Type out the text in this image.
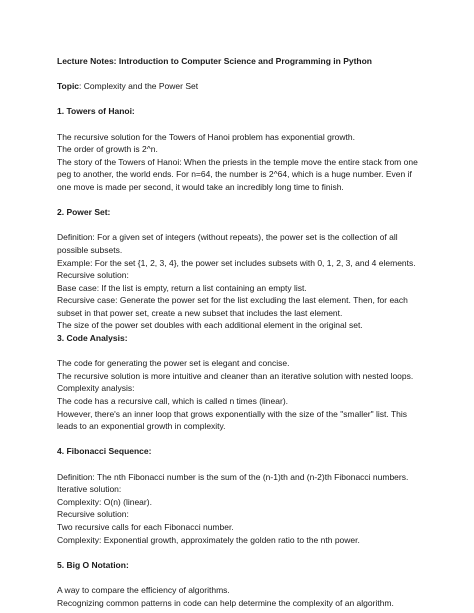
Lecture Notes: Introduction to Computer Science and Programming in Python
Topic: Complexity and the Power Set
1. Towers of Hanoi:
The recursive solution for the Towers of Hanoi problem has exponential growth.
The order of growth is 2^n.
The story of the Towers of Hanoi: When the priests in the temple move the entire stack from one
peg to another, the world ends. For n=64, the number is 2^64, which is a huge number. Even if
one move is made per second, it would take an incredibly long time to finish.
2. Power Set:
Definition: For a given set of integers (without repeats), the power set is the collection of all
possible subsets.
Example: For the set {1, 2, 3, 4}, the power set includes subsets with 0, 1, 2, 3, and 4 elements.
Recursive solution:
Base case: If the list is empty, return a list containing an empty list.
Recursive case: Generate the power set for the list excluding the last element. Then, for each
subset in that power set, create a new subset that includes the last element.
The size of the power set doubles with each additional element in the original set.
3. Code Analysis:
The code for generating the power set is elegant and concise.
The recursive solution is more intuitive and cleaner than an iterative solution with nested loops.
Complexity analysis:
The code has a recursive call, which is called n times (linear).
However, there's an inner loop that grows exponentially with the size of the "smaller" list. This
leads to an exponential growth in complexity.
4. Fibonacci Sequence:
Definition: The nth Fibonacci number is the sum of the (n-1)th and (n-2)th Fibonacci numbers.
Iterative solution:
Complexity: O(n) (linear).
Recursive solution:
Two recursive calls for each Fibonacci number.
Complexity: Exponential growth, approximately the golden ratio to the nth power.
5. Big O Notation:
A way to compare the efficiency of algorithms.
Recognizing common patterns in code can help determine the complexity of an algorithm.
